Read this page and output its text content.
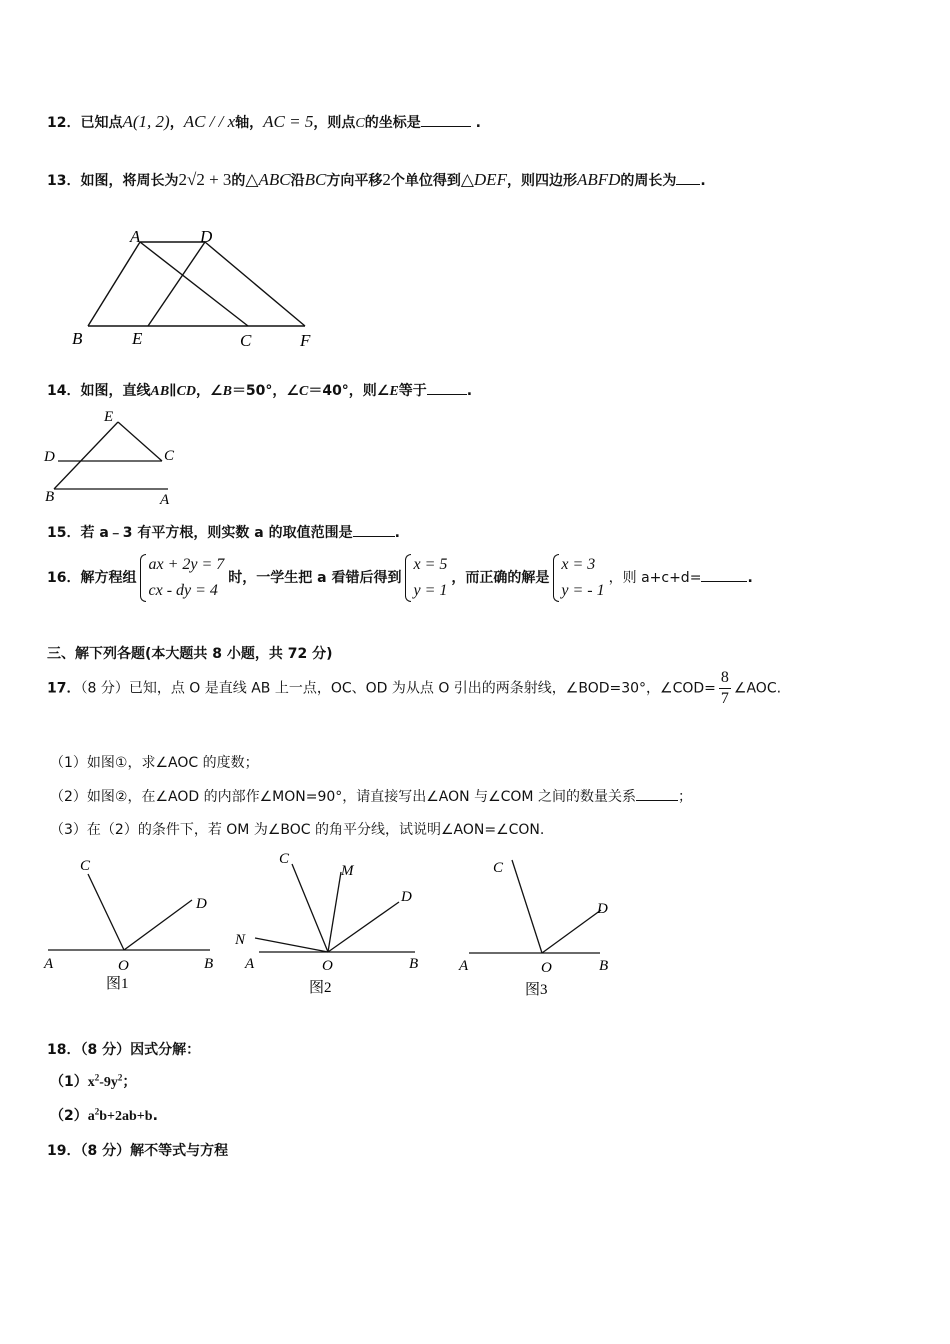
12．已知点A(1, 2)，AC / / x轴，AC = 5，则点C的坐标是	.
13．如图，将周长为2√2 + 3的△ABC沿BC方向平移2个单位得到△DEF，则四边形ABFD的周长为 .
A	D
B	E	C	F
14．如图，直线AB∥CD，∠B＝50°，∠C＝40°，则∠E等于	.
E
D	C
B	A
15．若 a﹣3 有平方根，则实数 a 的取值范围是	.
16．解方程组
ax + 2y = 7
cx - dy = 4
时，一学生把 a 看错后得到
x = 5
y = 1
，而正确的解是
x = 3
y = - 1
，则 a+c+d=	.
三、解下列各题(本大题共 8 小题，共 72 分)
17．（8 分）已知，点 O 是直线 AB 上一点，OC、OD 为从点 O 引出的两条射线，∠BOD=30°，∠COD= $\frac{8}{7}$ ∠AOC.
（1）如图①，求∠AOC 的度数；
（2）如图②，在∠AOD 的内部作∠MON=90°，请直接写出∠AON 与∠COM 之间的数量关系	；
（3）在（2）的条件下，若 OM 为∠BOC 的角平分线，试说明∠AON=∠CON.
C
D
A	O	B
图1
C
M
D
N
A	O	B
图2
C
D
A	O	B
图3
18．（8 分）因式分解：
$(1)x^2-9y^2$；
$(2)a^2b+2ab+b$.
19．（8 分）解不等式与方程
